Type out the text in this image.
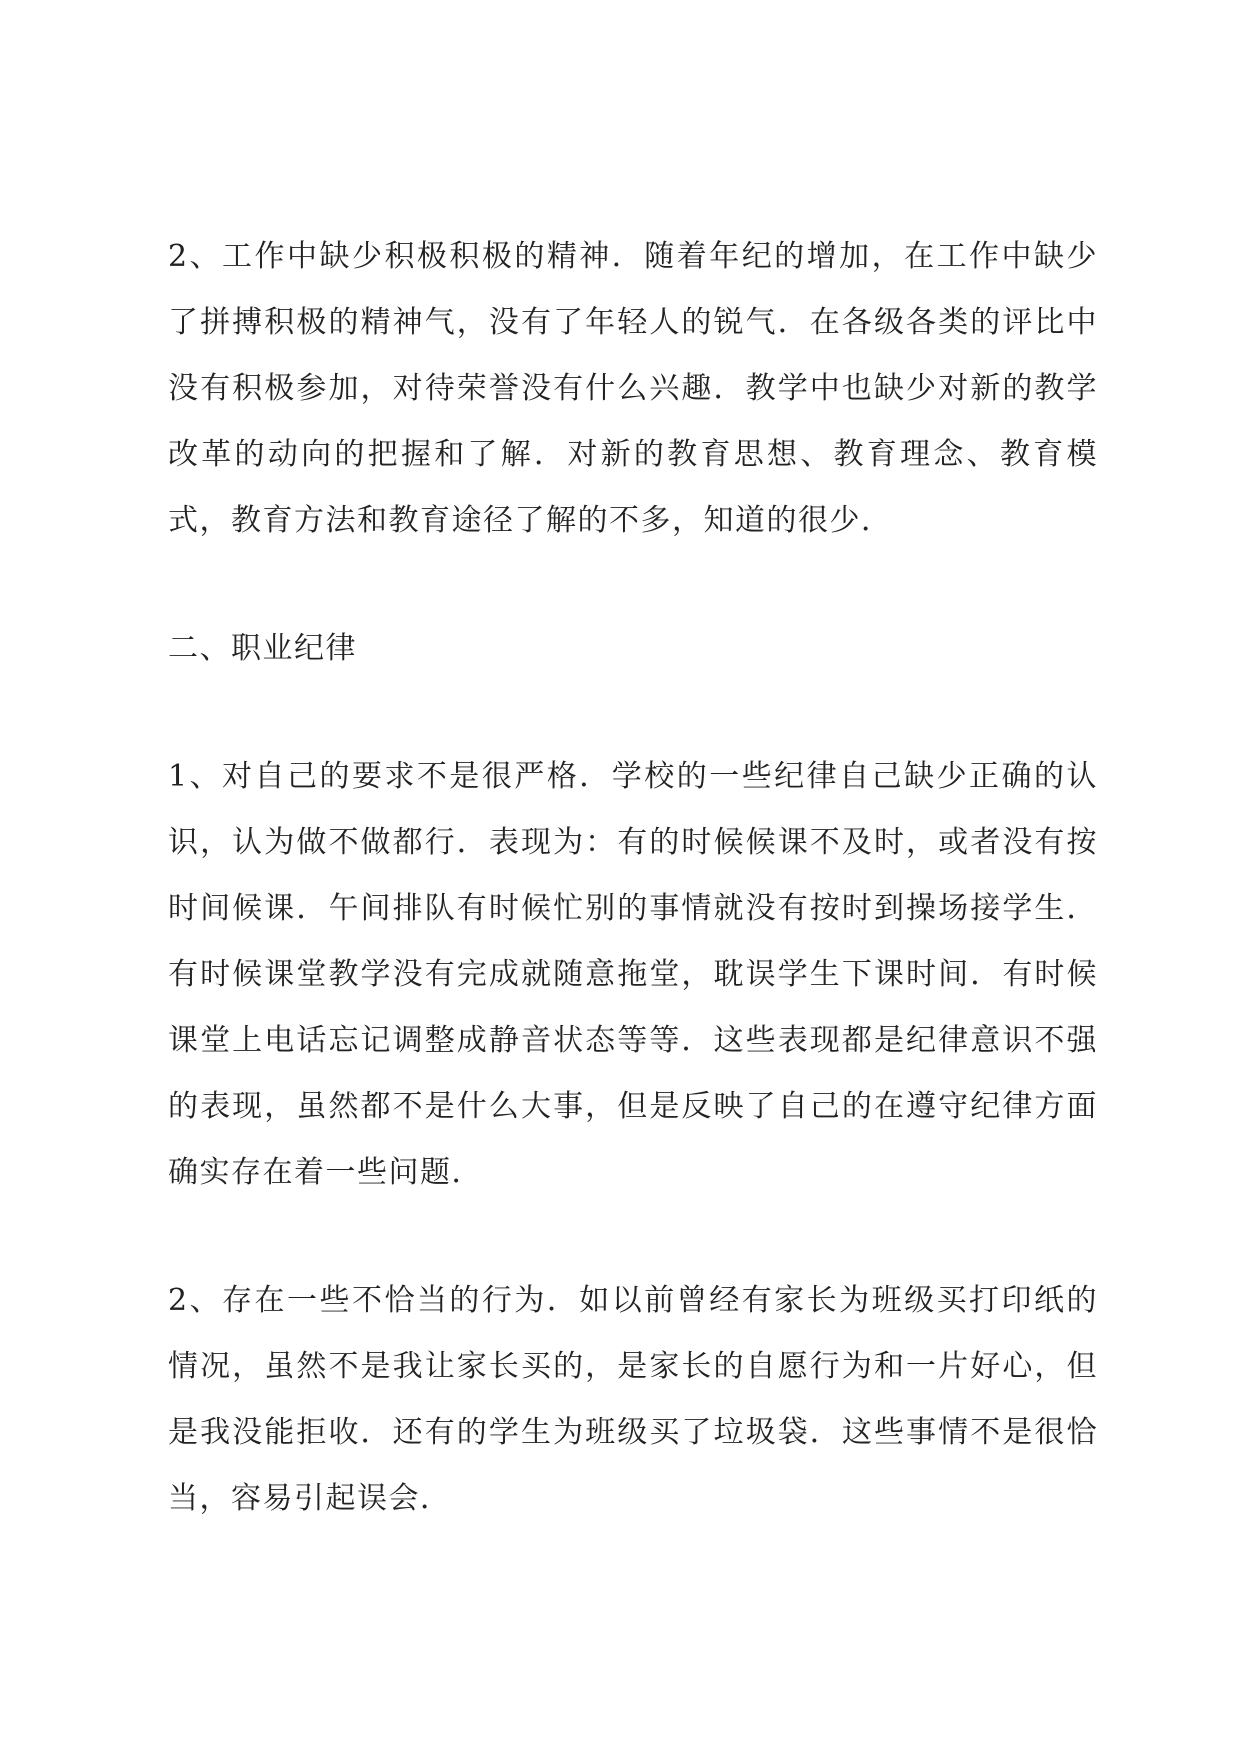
2、工作中缺少积极积极的精神．随着年纪的增加，在工作中缺少了拼搏积极的精神气，没有了年轻人的锐气．在各级各类的评比中没有积极参加，对待荣誉没有什么兴趣．教学中也缺少对新的教学改革的动向的把握和了解．对新的教育思想、教育理念、教育模式，教育方法和教育途径了解的不多，知道的很少．

二、职业纪律

1、对自己的要求不是很严格．学校的一些纪律自己缺少正确的认识，认为做不做都行．表现为：有的时候候课不及时，或者没有按时间候课．午间排队有时候忙别的事情就没有按时到操场接学生．有时候课堂教学没有完成就随意拖堂，耽误学生下课时间．有时候课堂上电话忘记调整成静音状态等等．这些表现都是纪律意识不强的表现，虽然都不是什么大事，但是反映了自己的在遵守纪律方面确实存在着一些问题．

2、存在一些不恰当的行为．如以前曾经有家长为班级买打印纸的情况，虽然不是我让家长买的，是家长的自愿行为和一片好心，但是我没能拒收．还有的学生为班级买了垃圾袋．这些事情不是很恰当，容易引起误会．
